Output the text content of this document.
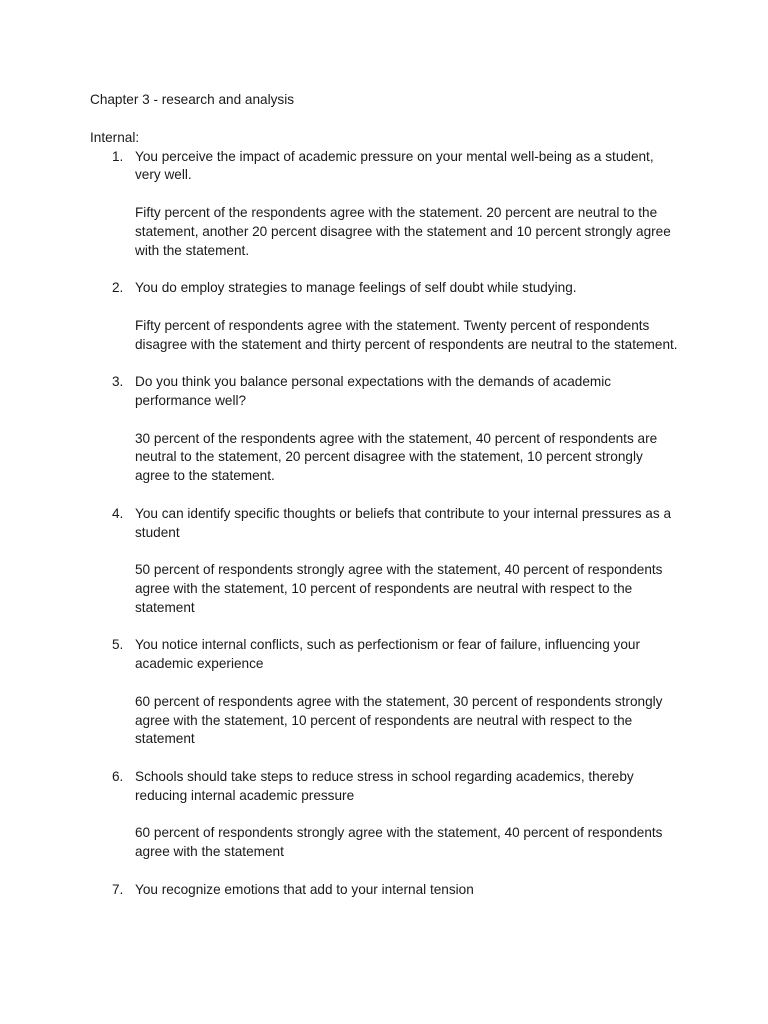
Chapter 3 - research and analysis

Internal:
1. You perceive the impact of academic pressure on your mental well-being as a student, very well.

Fifty percent of the respondents agree with the statement. 20 percent are neutral to the statement, another 20 percent disagree with the statement and 10 percent strongly agree with the statement.

2. You do employ strategies to manage feelings of self doubt while studying.

Fifty percent of respondents agree with the statement. Twenty percent of respondents disagree with the statement and thirty percent of respondents are neutral to the statement.

3. Do you think you balance personal expectations with the demands of academic performance well?

30 percent of the respondents agree with the statement, 40 percent of respondents are neutral to the statement, 20 percent disagree with the statement, 10 percent strongly agree to the statement.

4. You can identify specific thoughts or beliefs that contribute to your internal pressures as a student

50 percent of respondents strongly agree with the statement, 40 percent of respondents agree with the statement, 10 percent of respondents are neutral with respect to the statement

5. You notice internal conflicts, such as perfectionism or fear of failure, influencing your academic experience

60 percent of respondents agree with the statement, 30 percent of respondents strongly agree with the statement, 10 percent of respondents are neutral with respect to the statement

6. Schools should take steps to reduce stress in school regarding academics, thereby reducing internal academic pressure

60 percent of respondents strongly agree with the statement, 40 percent of respondents agree with the statement

7. You recognize emotions that add to your internal tension
